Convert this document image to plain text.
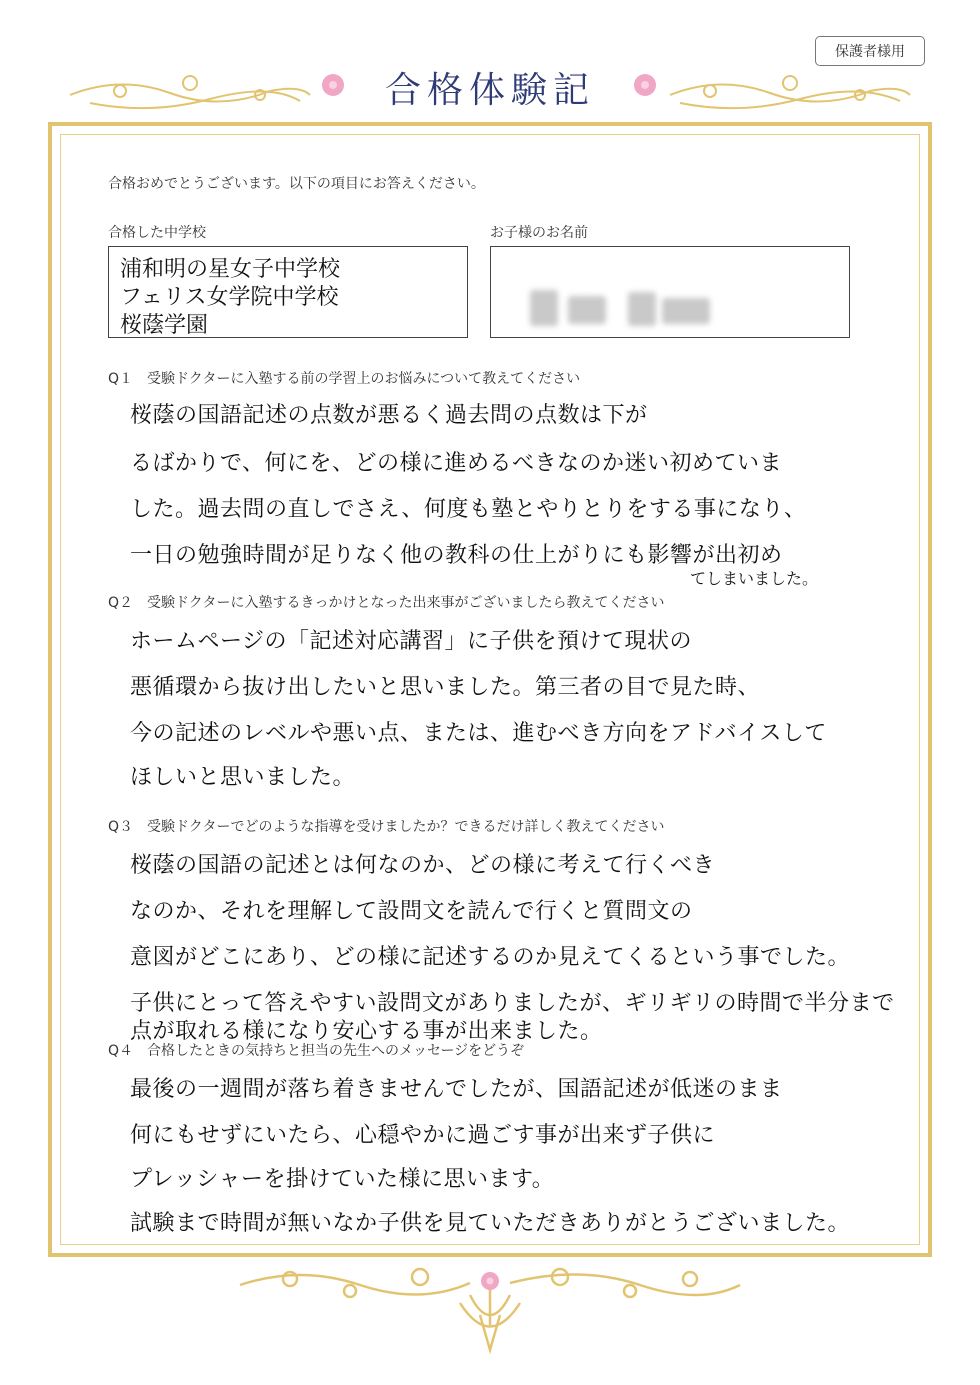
保護者様用
合格体験記
合格おめでとうございます。以下の項目にお答えください。
合格した中学校
浦和明の星女子中学校
フェリス女学院中学校
桜蔭学園
お子様のお名前
Q１　受験ドクターに入塾する前の学習上のお悩みについて教えてください
桜蔭の国語記述の点数が悪るく過去問の点数は下が
るばかりで、何にを、どの様に進めるべきなのか迷い初めていま
した。過去問の直しでさえ、何度も塾とやりとりをする事になり、
一日の勉強時間が足りなく他の教科の仕上がりにも影響が出初め
てしまいました。
Q２　受験ドクターに入塾するきっかけとなった出来事がございましたら教えてください
ホームページの「記述対応講習」に子供を預けて現状の
悪循環から抜け出したいと思いました。第三者の目で見た時、
今の記述のレベルや悪い点、または、進むべき方向をアドバイスして
ほしいと思いました。
Q３　受験ドクターでどのような指導を受けましたか？できるだけ詳しく教えてください
桜蔭の国語の記述とは何なのか、どの様に考えて行くべき
なのか、それを理解して設問文を読んで行くと質問文の
意図がどこにあり、どの様に記述するのか見えてくるという事でした。
子供にとって答えやすい設問文がありましたが、ギリギリの時間で半分まで
点が取れる様になり安心する事が出来ました。
Q４　合格したときの気持ちと担当の先生へのメッセージをどうぞ
最後の一週間が落ち着きませんでしたが、国語記述が低迷のまま
何にもせずにいたら、心穏やかに過ごす事が出来ず子供に
プレッシャーを掛けていた様に思います。
試験まで時間が無いなか子供を見ていただきありがとうございました。
